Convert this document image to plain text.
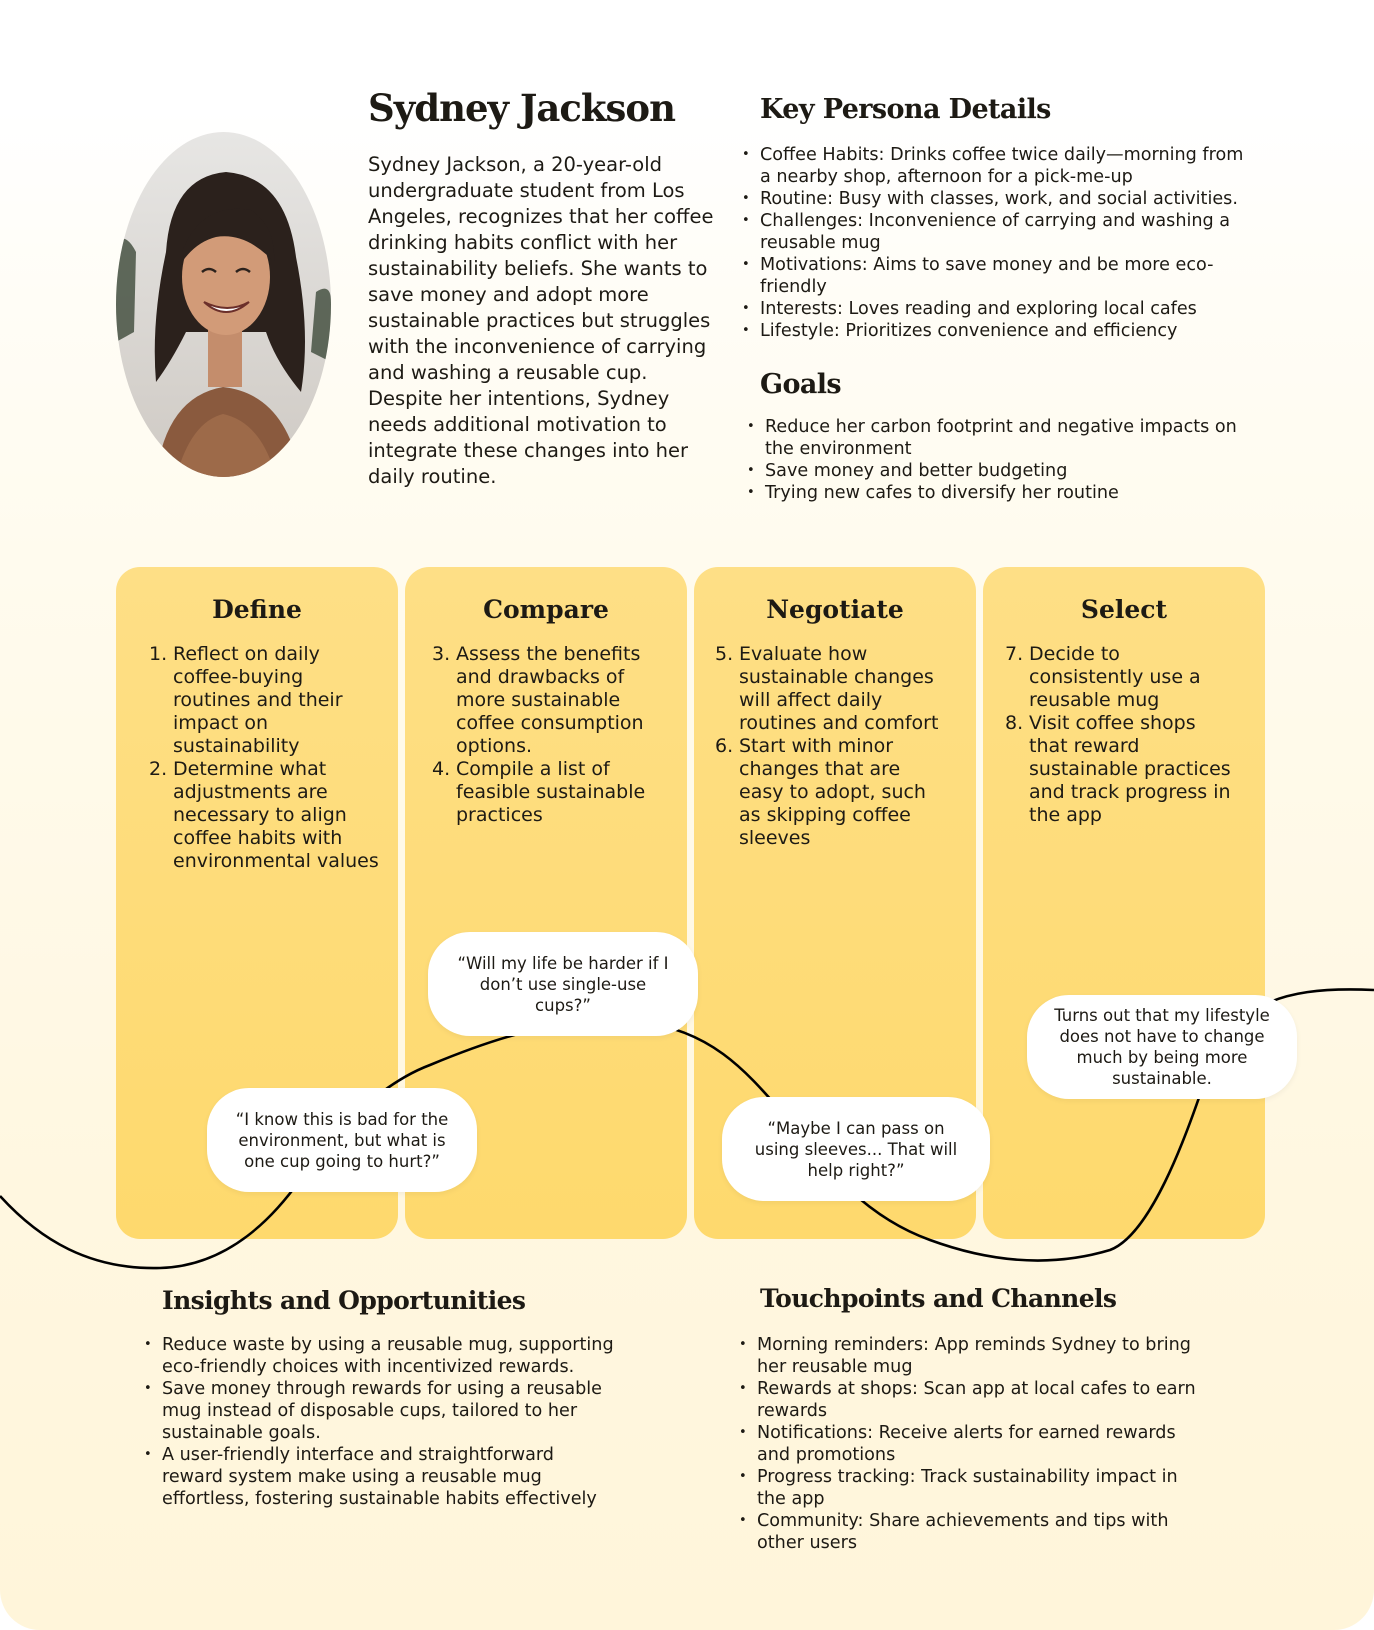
Sydney Jackson

Sydney Jackson, a 20-year-old undergraduate student from Los Angeles, recognizes that her coffee drinking habits conflict with her sustainability beliefs. She wants to save money and adopt more sustainable practices but struggles with the inconvenience of carrying and washing a reusable cup. Despite her intentions, Sydney needs additional motivation to integrate these changes into her daily routine.

Key Persona Details
• Coffee Habits: Drinks coffee twice daily—morning from a nearby shop, afternoon for a pick-me-up
• Routine: Busy with classes, work, and social activities.
• Challenges: Inconvenience of carrying and washing a reusable mug
• Motivations: Aims to save money and be more eco-friendly
• Interests: Loves reading and exploring local cafes
• Lifestyle: Prioritizes convenience and efficiency
Goals
• Reduce her carbon footprint and negative impacts on the environment
• Save money and better budgeting
• Trying new cafes to diversify her routine
Define
1. Reflect on daily coffee-buying routines and their impact on sustainability
2. Determine what adjustments are necessary to align coffee habits with environmental values
Compare
3. Assess the benefits and drawbacks of more sustainable coffee consumption options.
4. Compile a list of feasible sustainable practices
Negotiate
5. Evaluate how sustainable changes will affect daily routines and comfort
6. Start with minor changes that are easy to adopt, such as skipping coffee sleeves
Select
7. Decide to consistently use a reusable mug
8. Visit coffee shops that reward sustainable practices and track progress in the app
“I know this is bad for the environment, but what is one cup going to hurt?”
“Will my life be harder if I don’t use single-use cups?”
“Maybe I can pass on using sleeves... That will help right?”
Turns out that my lifestyle does not have to change much by being more sustainable.
Insights and Opportunities
• Reduce waste by using a reusable mug, supporting eco-friendly choices with incentivized rewards.
• Save money through rewards for using a reusable mug instead of disposable cups, tailored to her sustainable goals.
• A user-friendly interface and straightforward reward system make using a reusable mug effortless, fostering sustainable habits effectively
Touchpoints and Channels
• Morning reminders: App reminds Sydney to bring her reusable mug
• Rewards at shops: Scan app at local cafes to earn rewards
• Notifications: Receive alerts for earned rewards and promotions
• Progress tracking: Track sustainability impact in the app
• Community: Share achievements and tips with other users
